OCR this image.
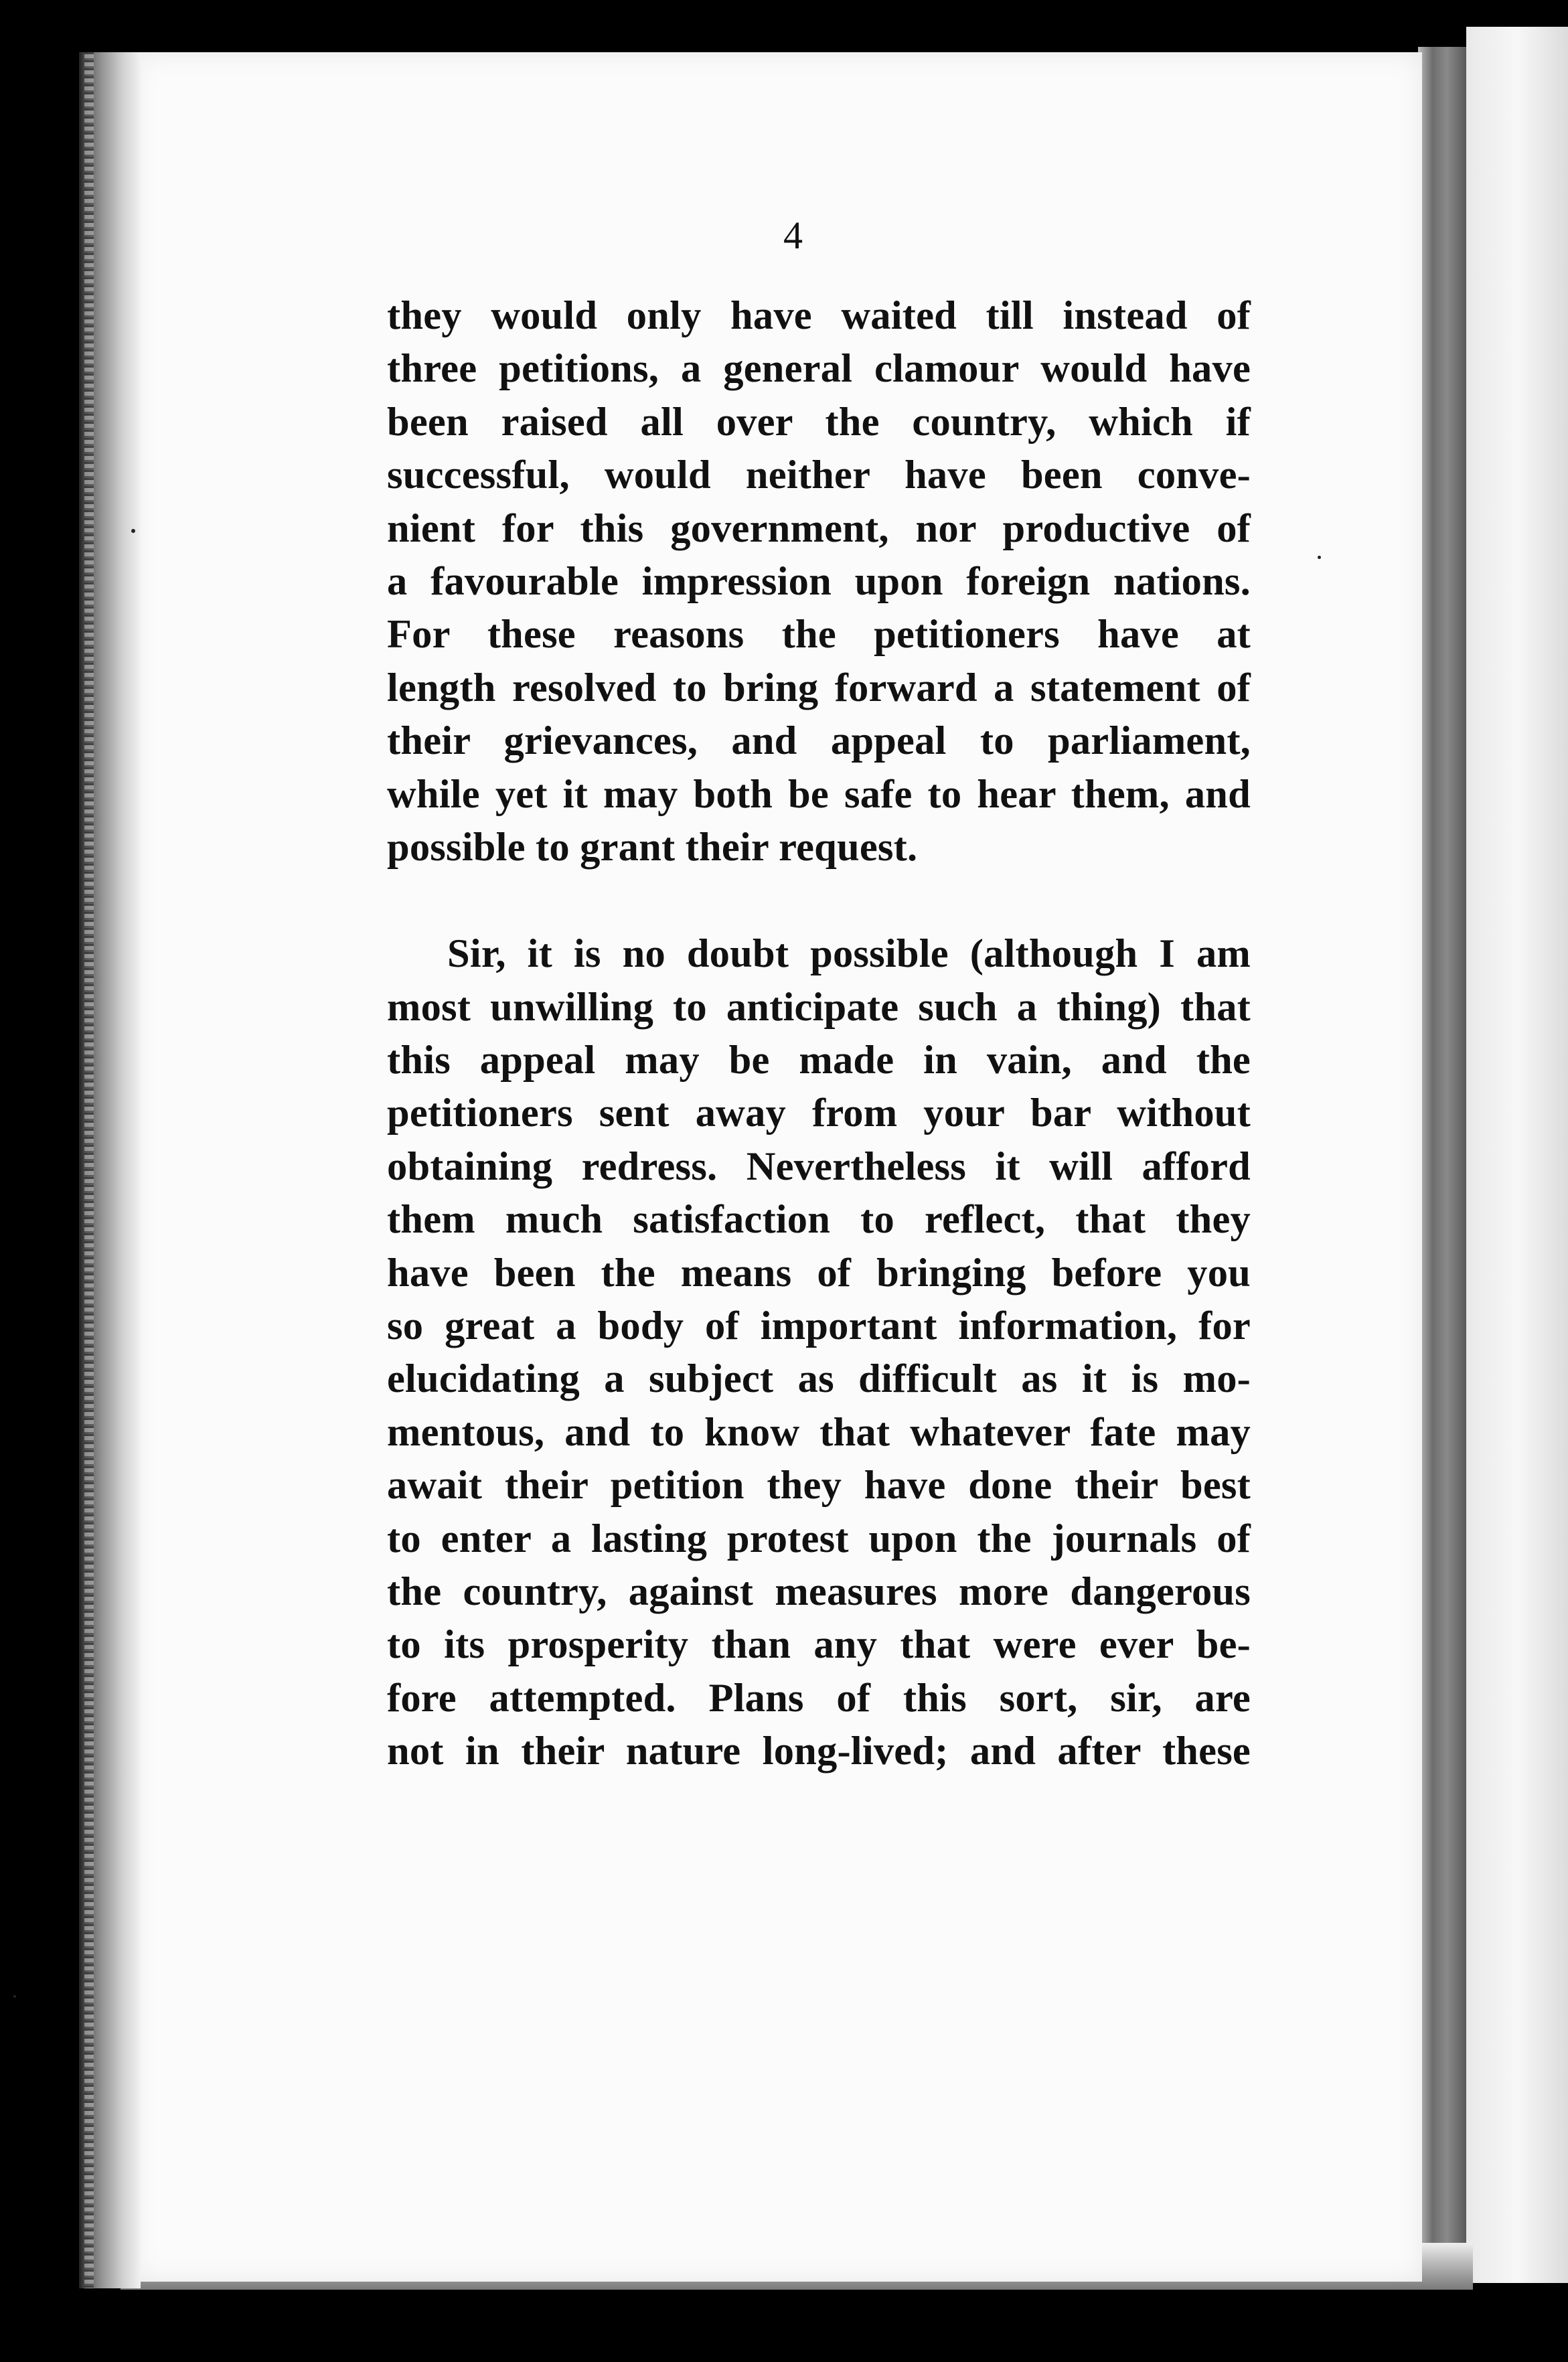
4
they would only have waited till instead of
three petitions, a general clamour would have
been raised all over the country, which if
successful, would neither have been conve-
nient for this government, nor productive of
a favourable impression upon foreign nations.
For these reasons the petitioners have at
length resolved to bring forward a statement of
their grievances, and appeal to parliament,
while yet it may both be safe to hear them, and
possible to grant their request.
Sir, it is no doubt possible (although I am
most unwilling to anticipate such a thing) that
this appeal may be made in vain, and the
petitioners sent away from your bar without
obtaining redress. Nevertheless it will afford
them much satisfaction to reflect, that they
have been the means of bringing before you
so great a body of important information, for
elucidating a subject as difficult as it is mo-
mentous, and to know that whatever fate may
await their petition they have done their best
to enter a lasting protest upon the journals of
the country, against measures more dangerous
to its prosperity than any that were ever be-
fore attempted. Plans of this sort, sir, are
not in their nature long-lived; and after these
